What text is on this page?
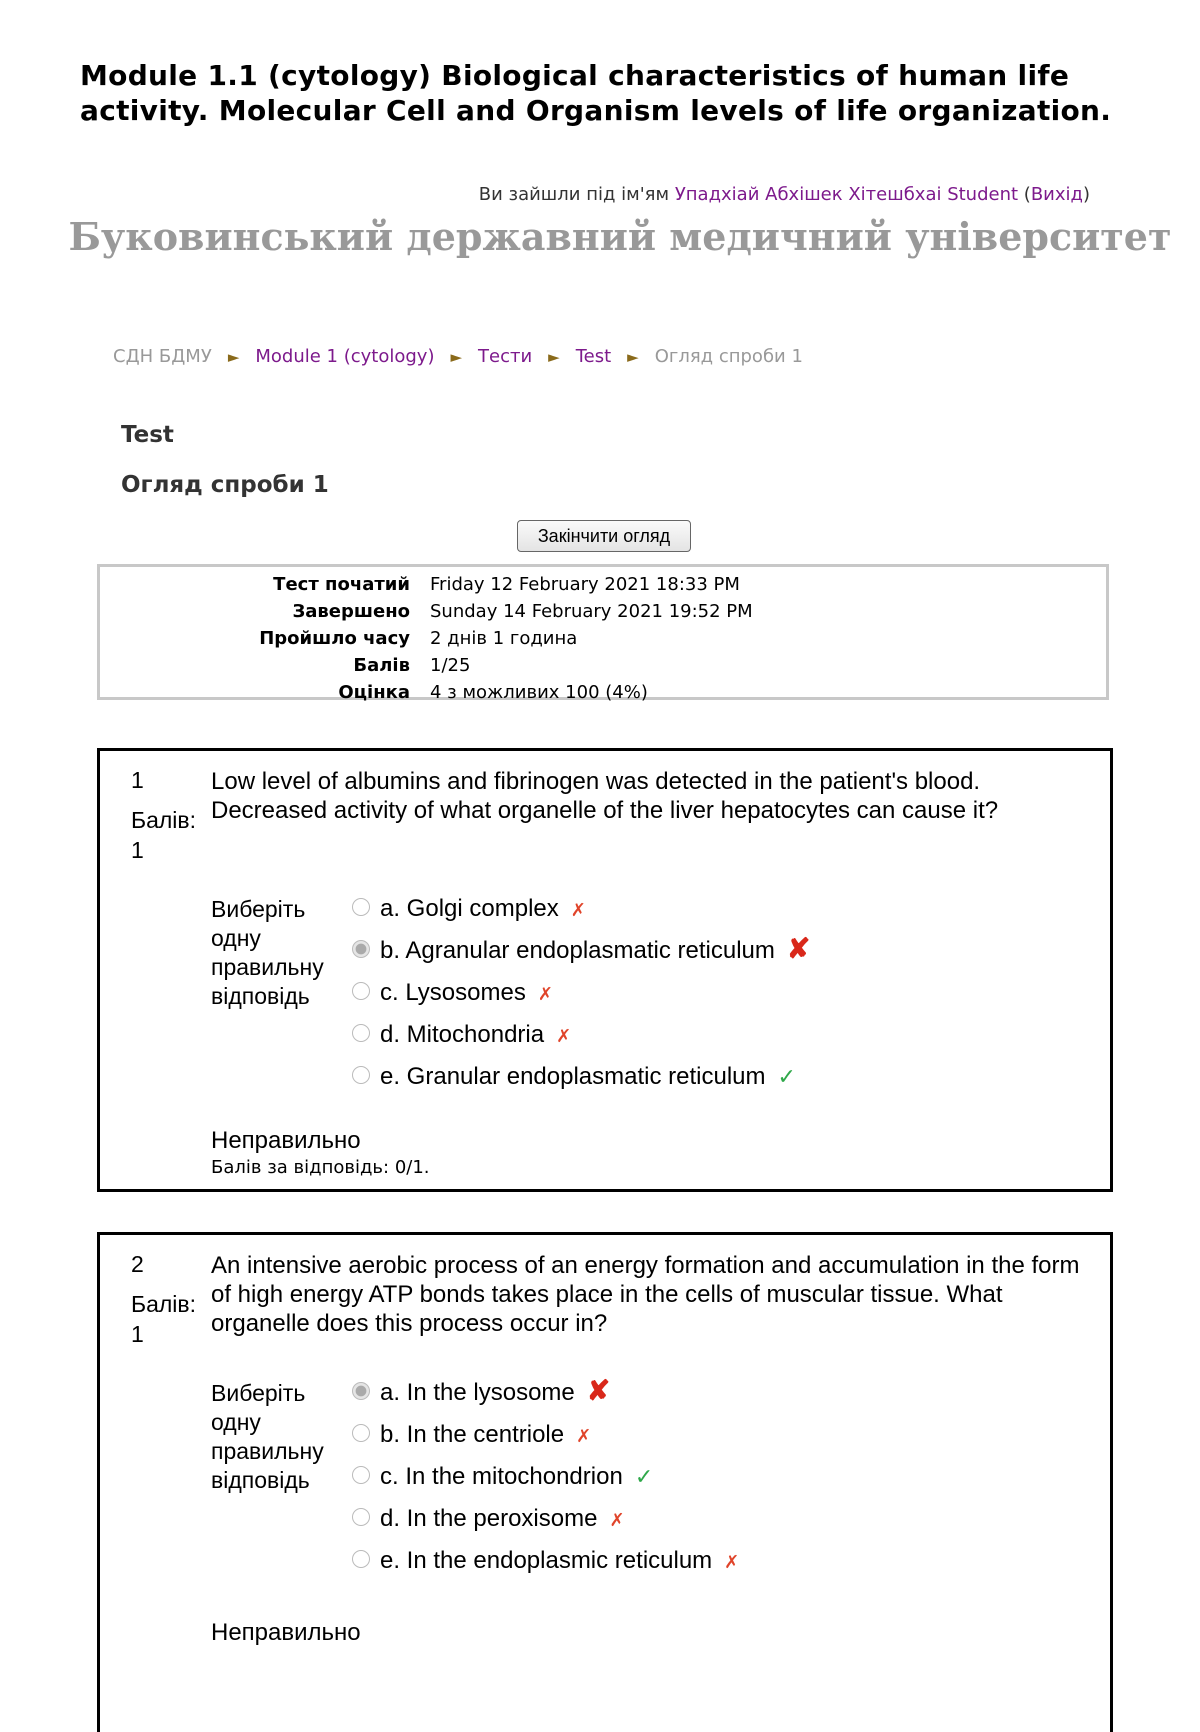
Module 1.1 (cytology) Biological characteristics of human life activity. Molecular Cell and Organism levels of life organization.
Ви зайшли під ім'ям Упадхіай Абхішек Хітешбхаі Student (Вихід)
Буковинський державний медичний університет
СДН БДМУ ► Module 1 (cytology) ► Тести ► Test ► Огляд спроби 1
Test
Огляд спроби 1
Закінчити огляд
Тест початий	Friday 12 February 2021 18:33 PM
Завершено	Sunday 14 February 2021 19:52 PM
Пройшло часу	2 днів 1 година
Балів	1/25
Оцінка	4 з можливих 100 (4%)
1
Балів:
1

Low level of albumins and fibrinogen was detected in the patient's blood. Decreased activity of what organelle of the liver hepatocytes can cause it?

Виберіть одну правильну відповідь
a. Golgi complex ✗
b. Agranular endoplasmatic reticulum ✘
c. Lysosomes ✗
d. Mitochondria ✗
e. Granular endoplasmatic reticulum ✓
Неправильно
Балів за відповідь: 0/1.
2
Балів:
1

An intensive aerobic process of an energy formation and accumulation in the form of high energy ATP bonds takes place in the cells of muscular tissue. What organelle does this process occur in?

Виберіть одну правильну відповідь
a. In the lysosome ✘
b. In the centriole ✗
c. In the mitochondrion ✓
d. In the peroxisome ✗
e. In the endoplasmic reticulum ✗
Неправильно
